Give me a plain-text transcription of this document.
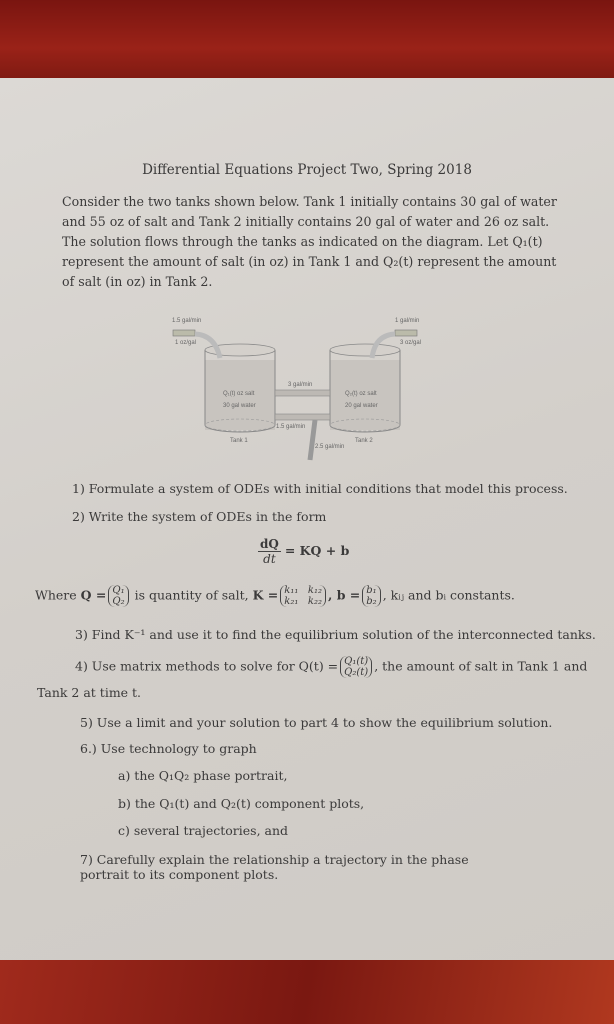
Differential Equations Project Two, Spring 2018
Consider the two tanks shown below. Tank 1 initially contains 30 gal of water and 55 oz of salt and Tank 2 initially contains 20 gal of water and 26 oz salt. The solution flows through the tanks as indicated on the diagram. Let Q₁(t) represent the amount of salt (in oz) in Tank 1 and Q₂(t) represent the amount of salt (in oz) in Tank 2.
1.5 gal/min
1 oz/gal
1 gal/min
3 oz/gal
Q₁(t) oz salt
30 gal water
Q₂(t) oz salt
20 gal water
3 gal/min
1.5 gal/min
2.5 gal/min
Tank 1	Tank 2
1) Formulate a system of ODEs with initial conditions that model this process.
2) Write the system of ODEs in the form
$\frac{dQ}{dt}$ = KQ + b
Where Q = Q₁
Q₂ is quantity of salt, K = k₁₁   k₁₂
k₂₁   k₂₂ , b = b₁
b₂ , kᵢⱼ and bᵢ constants.
3) Find K⁻¹ and use it to find the equilibrium solution of the interconnected tanks.
4) Use matrix methods to solve for Q(t) = Q₁(t)
Q₂(t) , the amount of salt in Tank 1 and
Tank 2 at time t.
5) Use a limit and your solution to part 4 to show the equilibrium solution.
6.) Use technology to graph
a) the Q₁Q₂ phase portrait,
b) the Q₁(t) and Q₂(t) component plots,
c) several trajectories, and
7) Carefully explain the relationship a trajectory in the phase portrait to its component plots.
